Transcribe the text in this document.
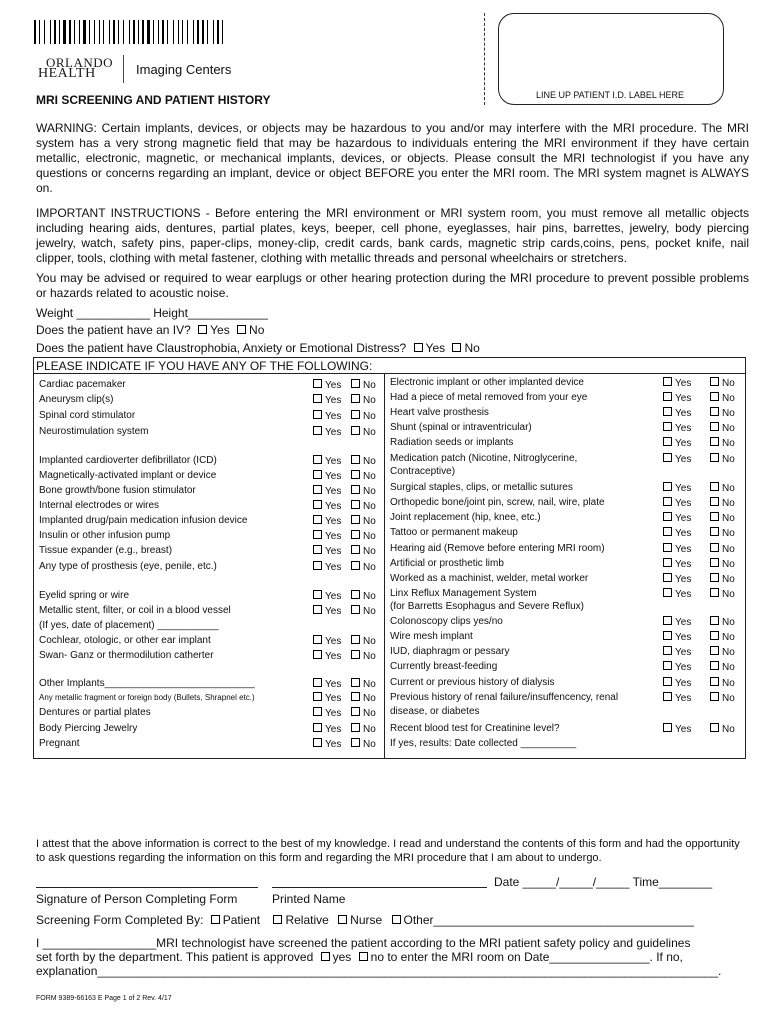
ORLANDO
HEALTH	Imaging Centers
MRI SCREENING AND PATIENT HISTORY	LINE UP PATIENT I.D. LABEL HERE
WARNING: Certain implants, devices, or objects may be hazardous to you and/or may interfere with the MRI procedure. The MRI system has a very strong magnetic field that may be hazardous to individuals entering the MRI environment if they have certain metallic, electronic, magnetic, or mechanical implants, devices, or objects. Please consult the MRI technologist if you have any questions or concerns regarding an implant, device or object BEFORE you enter the MRI room. The MRI system magnet is ALWAYS on.
IMPORTANT INSTRUCTIONS - Before entering the MRI environment or MRI system room, you must remove all metallic objects including hearing aids, dentures, partial plates, keys, beeper, cell phone, eyeglasses, hair pins, barrettes, jewelry, body piercing jewelry, watch, safety pins, paper-clips, money-clip, credit cards, bank cards, magnetic strip cards,coins, pens, pocket knife, nail clipper, tools, clothing with metal fastener, clothing with metallic threads and personal wheelchairs or stretchers.
You may be advised or required to wear earplugs or other hearing protection during the MRI procedure to prevent possible problems or hazards related to acoustic noise.
Weight ___________ Height____________
Does the patient have an IV? Yes No
Does the patient have Claustrophobia, Anxiety or Emotional Distress? Yes No
PLEASE INDICATE IF YOU HAVE ANY OF THE FOLLOWING:
Cardiac pacemaker	Yes	No
Aneurysm clip(s)	Yes	No
Spinal cord stimulator	Yes	No
Neurostimulation system	Yes	No
Implanted cardioverter defibrillator (ICD)	Yes	No
Magnetically-activated implant or device	Yes	No
Bone growth/bone fusion stimulator	Yes	No
Internal electrodes or wires	Yes	No
Implanted drug/pain medication infusion device	Yes	No
Insulin or other infusion pump	Yes	No
Tissue expander (e.g., breast)	Yes	No
Any type of prosthesis (eye, penile, etc.)	Yes	No
Eyelid spring or wire	Yes	No
Metallic stent, filter, or coil in a blood vessel	Yes	No
(If yes, date of placement) ___________
Cochlear, otologic, or other ear implant	Yes	No
Swan- Ganz or thermodilution catherter	Yes	No
Other Implants___________________________	Yes	No
Any metallic fragment or foreign body (Bullets, Shrapnel etc.)	Yes	No
Dentures or partial plates	Yes	No
Body Piercing Jewelry	Yes	No
Pregnant	Yes	No
Electronic implant or other implanted device	Yes	No
Had a piece of metal removed from your eye	Yes	No
Heart valve prosthesis	Yes	No
Shunt (spinal or intraventricular)	Yes	No
Radiation seeds or implants	Yes	No
Medication patch (Nicotine, Nitroglycerine,	Yes	No
Contraceptive)
Surgical staples, clips, or metallic sutures	Yes	No
Orthopedic bone/joint pin, screw, nail, wire, plate	Yes	No
Joint replacement (hip, knee, etc.)	Yes	No
Tattoo or permanent makeup	Yes	No
Hearing aid (Remove before entering MRI room)	Yes	No
Artificial or prosthetic limb	Yes	No
Worked as a machinist, welder, metal worker	Yes	No
Linx Reflux Management System	Yes	No
(for Barretts Esophagus and Severe Reflux)
Colonoscopy clips yes/no	Yes	No
Wire mesh implant	Yes	No
IUD, diaphragm or pessary	Yes	No
Currently breast-feeding	Yes	No
Current or previous history of dialysis	Yes	No
Previous history of renal failure/insuffencency, renal	Yes	No
disease, or diabetes
Recent blood test for Creatinine level?	Yes	No
If yes, results: Date collected __________
I attest that the above information is correct to the best of my knowledge. I read and understand the contents of this form and had the opportunity to ask questions regarding the information on this form and regarding the MRI procedure that I am about to undergo.
Date _____/_____/_____ Time________
Signature of Person Completing Form	Printed Name
Screening Form Completed By: Patient Relative Nurse Other_______________________________________
I _________________MRI technologist have screened the patient according to the MRI patient safety policy and guidelines
set forth by the department. This patient is approved yes no to enter the MRI room on Date_______________. If no,
explanation_____________________________________________________________________________________________.
FORM 9389-66163 E Page 1 of 2 Rev. 4/17
